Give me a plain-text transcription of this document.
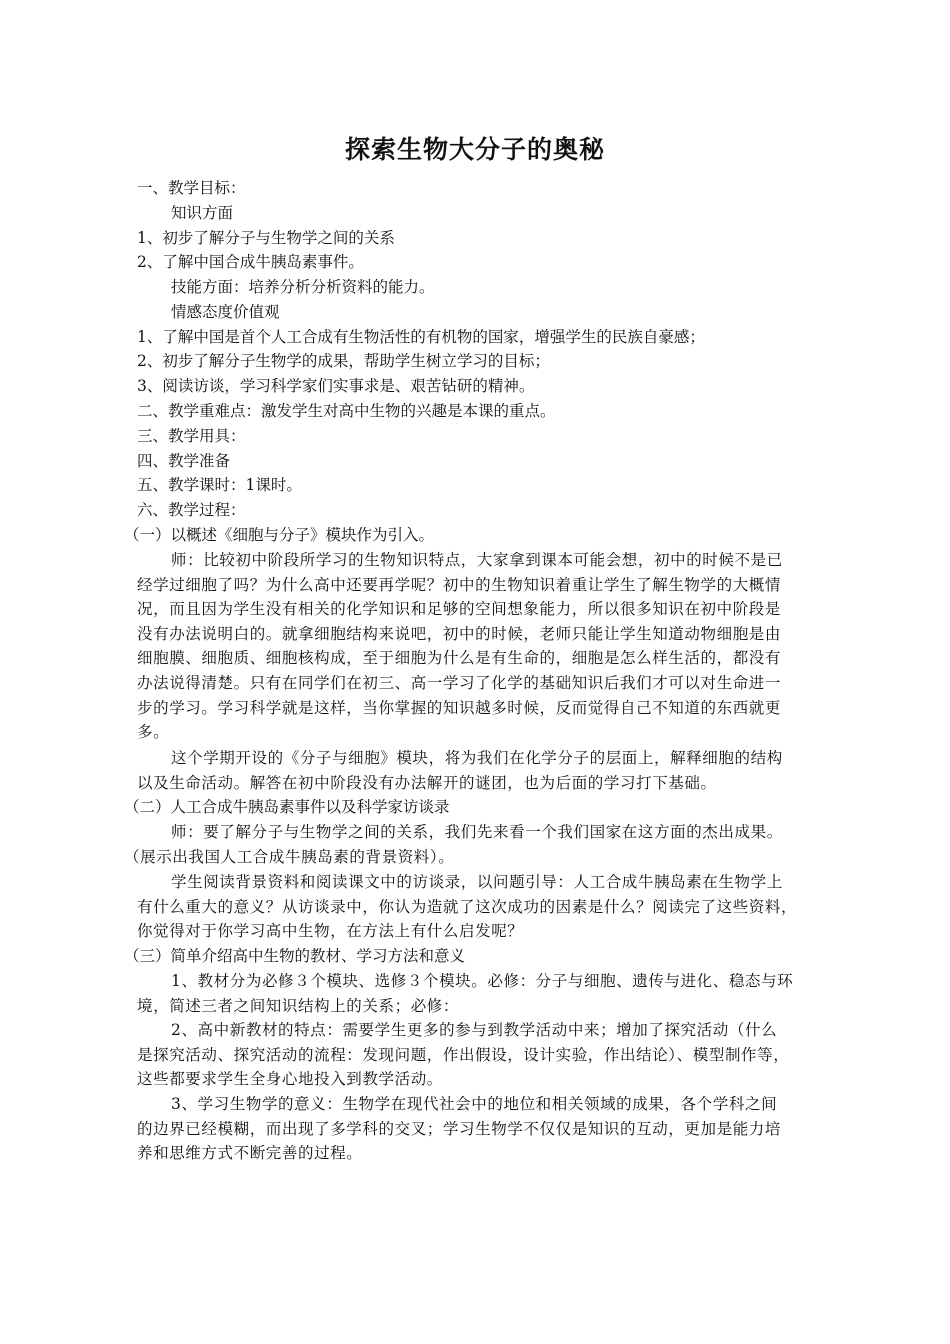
探索生物大分子的奥秘
一、教学目标：
知识方面
1、初步了解分子与生物学之间的关系
2、了解中国合成牛胰岛素事件。
技能方面：培养分析分析资料的能力。
情感态度价值观
1、了解中国是首个人工合成有生物活性的有机物的国家，增强学生的民族自豪感；
2、初步了解分子生物学的成果，帮助学生树立学习的目标；
3、阅读访谈，学习科学家们实事求是、艰苦钻研的精神。
二、教学重难点：激发学生对高中生物的兴趣是本课的重点。
三、教学用具：
四、教学准备
五、教学课时：1课时。
六、教学过程：
（一）以概述《细胞与分子》模块作为引入。
师：比较初中阶段所学习的生物知识特点，大家拿到课本可能会想，初中的时候不是已
经学过细胞了吗？为什么高中还要再学呢？初中的生物知识着重让学生了解生物学的大概情
况，而且因为学生没有相关的化学知识和足够的空间想象能力，所以很多知识在初中阶段是
没有办法说明白的。就拿细胞结构来说吧，初中的时候，老师只能让学生知道动物细胞是由
细胞膜、细胞质、细胞核构成，至于细胞为什么是有生命的，细胞是怎么样生活的，都没有
办法说得清楚。只有在同学们在初三、高一学习了化学的基础知识后我们才可以对生命进一
步的学习。学习科学就是这样，当你掌握的知识越多时候，反而觉得自己不知道的东西就更
多。
这个学期开设的《分子与细胞》模块，将为我们在化学分子的层面上，解释细胞的结构
以及生命活动。解答在初中阶段没有办法解开的谜团，也为后面的学习打下基础。
（二）人工合成牛胰岛素事件以及科学家访谈录
师：要了解分子与生物学之间的关系，我们先来看一个我们国家在这方面的杰出成果。
（展示出我国人工合成牛胰岛素的背景资料）。
学生阅读背景资料和阅读课文中的访谈录，以问题引导：人工合成牛胰岛素在生物学上
有什么重大的意义？从访谈录中，你认为造就了这次成功的因素是什么？阅读完了这些资料，
你觉得对于你学习高中生物，在方法上有什么启发呢？
（三）简单介绍高中生物的教材、学习方法和意义
1、教材分为必修３个模块、选修３个模块。必修：分子与细胞、遗传与进化、稳态与环
境，简述三者之间知识结构上的关系；必修：
2、高中新教材的特点：需要学生更多的参与到教学活动中来；增加了探究活动（什么
是探究活动、探究活动的流程：发现问题，作出假设，设计实验，作出结论）、模型制作等，
这些都要求学生全身心地投入到教学活动。
3、学习生物学的意义：生物学在现代社会中的地位和相关领域的成果，各个学科之间
的边界已经模糊，而出现了多学科的交叉；学习生物学不仅仅是知识的互动，更加是能力培
养和思维方式不断完善的过程。
